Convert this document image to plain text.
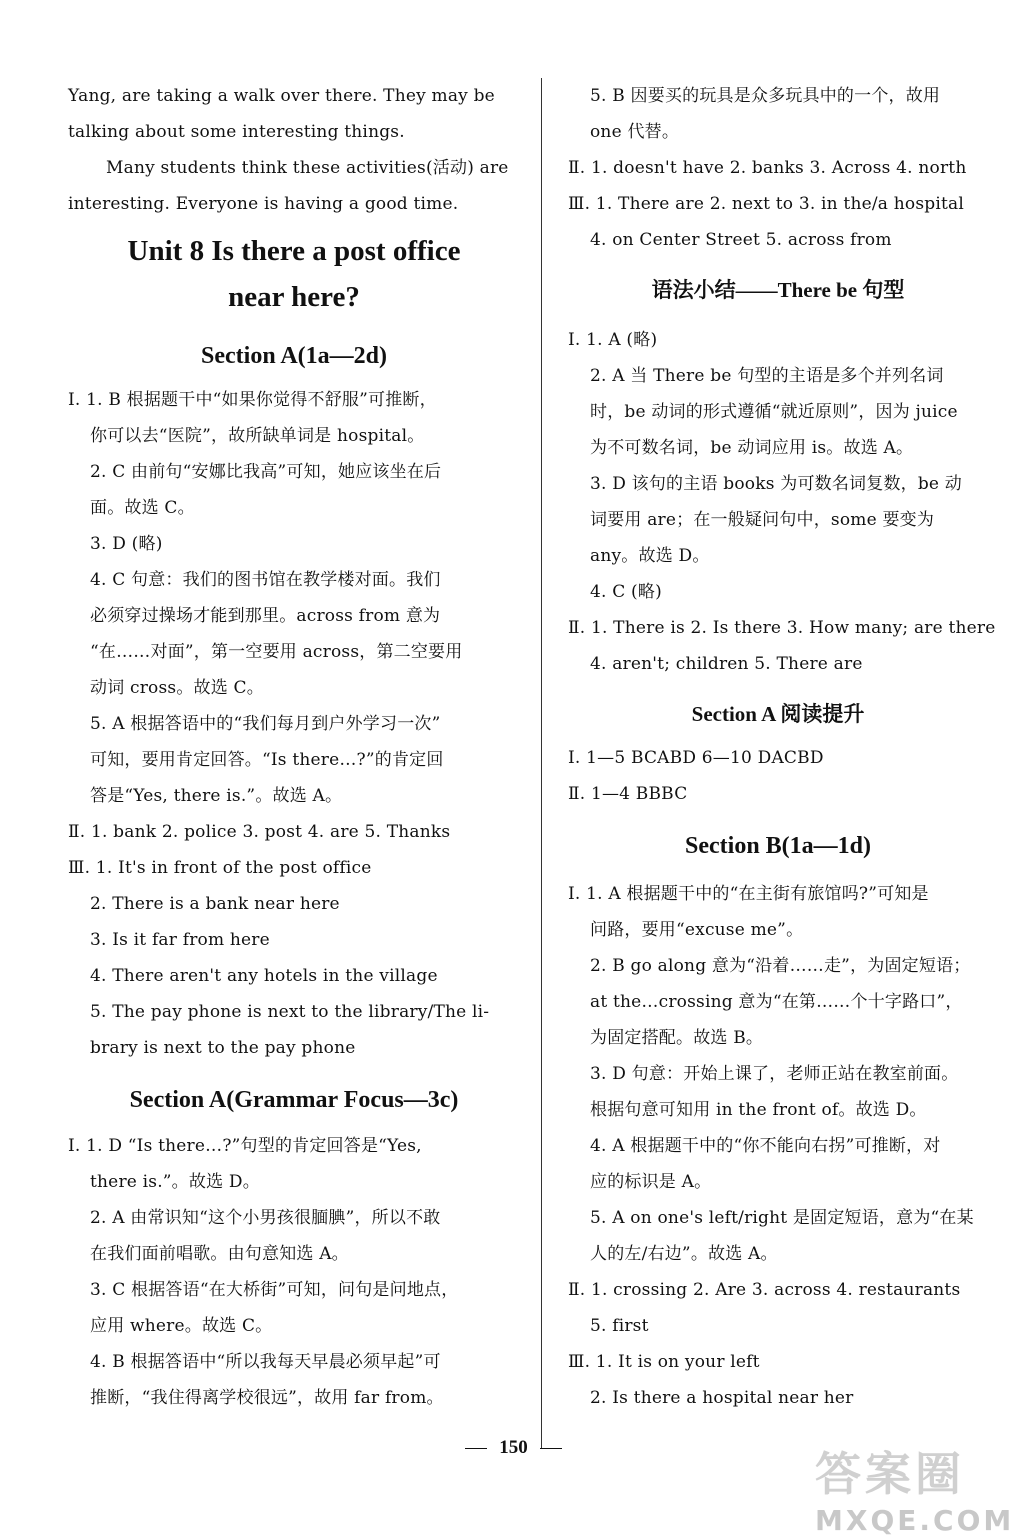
Yang, are taking a walk over there. They may be
talking about some interesting things.
Many students think these activities(活动) are
interesting. Everyone is having a good time.
Unit 8 Is there a post office
near here?
Section A(1a—2d)
Ⅰ. 1. B 根据题干中“如果你觉得不舒服”可推断，
你可以去“医院”，故所缺单词是 hospital。
2. C 由前句“安娜比我高”可知，她应该坐在后
面。故选 C。
3. D (略)
4. C 句意：我们的图书馆在教学楼对面。我们
必须穿过操场才能到那里。across from 意为
“在……对面”，第一空要用 across，第二空要用
动词 cross。故选 C。
5. A 根据答语中的“我们每月到户外学习一次”
可知，要用肯定回答。“Is there…?”的肯定回
答是“Yes, there is.”。故选 A。
Ⅱ. 1. bank 2. police 3. post 4. are 5. Thanks
Ⅲ. 1. It's in front of the post office
2. There is a bank near here
3. Is it far from here
4. There aren't any hotels in the village
5. The pay phone is next to the library/The li-
brary is next to the pay phone
Section A(Grammar Focus—3c)
Ⅰ. 1. D “Is there…?”句型的肯定回答是“Yes,
there is.”。故选 D。
2. A 由常识知“这个小男孩很腼腆”，所以不敢
在我们面前唱歌。由句意知选 A。
3. C 根据答语“在大桥街”可知，问句是问地点，
应用 where。故选 C。
4. B 根据答语中“所以我每天早晨必须早起”可
推断，“我住得离学校很远”，故用 far from。
5. B 因要买的玩具是众多玩具中的一个，故用
one 代替。
Ⅱ. 1. doesn't have 2. banks 3. Across 4. north
Ⅲ. 1. There are 2. next to 3. in the/a hospital
4. on Center Street 5. across from
语法小结——There be 句型
Ⅰ. 1. A (略)
2. A 当 There be 句型的主语是多个并列名词
时，be 动词的形式遵循“就近原则”，因为 juice
为不可数名词，be 动词应用 is。故选 A。
3. D 该句的主语 books 为可数名词复数，be 动
词要用 are；在一般疑问句中，some 要变为
any。故选 D。
4. C (略)
Ⅱ. 1. There is 2. Is there 3. How many; are there
4. aren't; children 5. There are
Section A 阅读提升
Ⅰ. 1—5 BCABD 6—10 DACBD
Ⅱ. 1—4 BBBC
Section B(1a—1d)
Ⅰ. 1. A 根据题干中的“在主街有旅馆吗?”可知是
问路，要用“excuse me”。
2. B go along 意为“沿着……走”，为固定短语；
at the…crossing 意为“在第……个十字路口”，
为固定搭配。故选 B。
3. D 句意：开始上课了，老师正站在教室前面。
根据句意可知用 in the front of。故选 D。
4. A 根据题干中的“你不能向右拐”可推断，对
应的标识是 A。
5. A on one's left/right 是固定短语，意为“在某
人的左/右边”。故选 A。
Ⅱ. 1. crossing 2. Are 3. across 4. restaurants
5. first
Ⅲ. 1. It is on your left
2. Is there a hospital near her
150	答案圈
MXQE.COM
